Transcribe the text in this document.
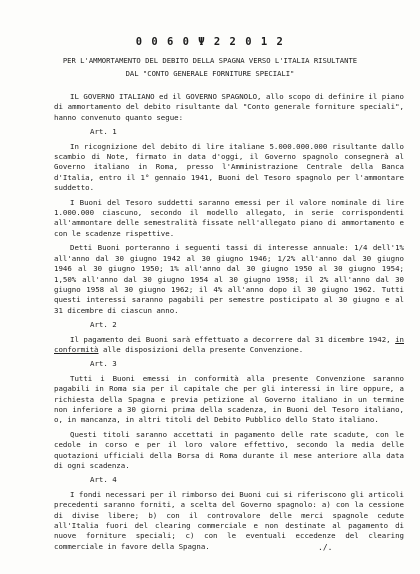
0 0 6 0 Ψ 2 2 0 1 2
PER L'AMMORTAMENTO DEL DEBITO DELLA SPAGNA VERSO L'ITALIA RISULTANTE
DAL "CONTO GENERALE FORNITURE SPECIALI"

IL GOVERNO ITALIANO ed il GOVERNO SPAGNOLO, allo scopo di definire il piano di ammortamento del debito risultante dal "Conto generale forniture speciali", hanno convenuto quanto segue:

Art. 1

In ricognizione del debito di lire italiane 5.000.000.000 risultante dallo scambio di Note, firmato in data d'oggi, il Governo spagnolo consegnerà al Governo italiano in Roma, presso l'Amministrazione Centrale della Banca d'Italia, entro il 1° gennaio 1941, Buoni del Tesoro spagnolo per l'ammontare suddetto.

I Buoni del Tesoro suddetti saranno emessi per il valore nominale di lire 1.000.000 ciascuno, secondo il modello allegato, in serie corrispondenti all'ammontare delle semestralità fissate nell'allegato piano di ammortamento e con le scadenze rispettive.

Detti Buoni porteranno i seguenti tassi di interesse annuale: 1/4 dell'1% all'anno dal 30 giugno 1942 al 30 giugno 1946; 1/2% all'anno dal 30 giugno 1946 al 30 giugno 1950; 1% all'anno dal 30 giugno 1950 al 30 giugno 1954; 1,50% all'anno dal 30 giugno 1954 al 30 giugno 1958; il 2% all'anno dal 30 giugno 1958 al 30 giugno 1962; il 4% all'anno dopo il 30 giugno 1962. Tutti questi interessi saranno pagabili per semestre posticipato al 30 giugno e al 31 dicembre di ciascun anno.

Art. 2

Il pagamento dei Buoni sarà effettuato a decorrere dal 31 dicembre 1942, in conformità alle disposizioni della presente Convenzione.

Art. 3

Tutti i Buoni emessi in conformità alla presente Convenzione saranno pagabili in Roma sia per il capitale che per gli interessi in lire oppure, a richiesta della Spagna e previa petizione al Governo italiano in un termine non inferiore a 30 giorni prima della scadenza, in Buoni del Tesoro italiano, o, in mancanza, in altri titoli del Debito Pubblico dello Stato italiano.

Questi titoli saranno accettati in pagamento delle rate scadute, con le cedole in corso e per il loro valore effettivo, secondo la media delle quotazioni ufficiali della Borsa di Roma durante il mese anteriore alla data di ogni scadenza.

Art. 4

I fondi necessari per il rimborso dei Buoni cui si riferiscono gli articoli precedenti saranno forniti, a scelta del Governo spagnolo: a) con la cessione di divise libere; b) con il controvalore delle merci spagnole cedute all'Italia fuori del clearing commerciale e non destinate al pagamento di nuove forniture speciali; c) con le eventuali eccedenze del clearing commerciale in favore della Spagna.	./.
